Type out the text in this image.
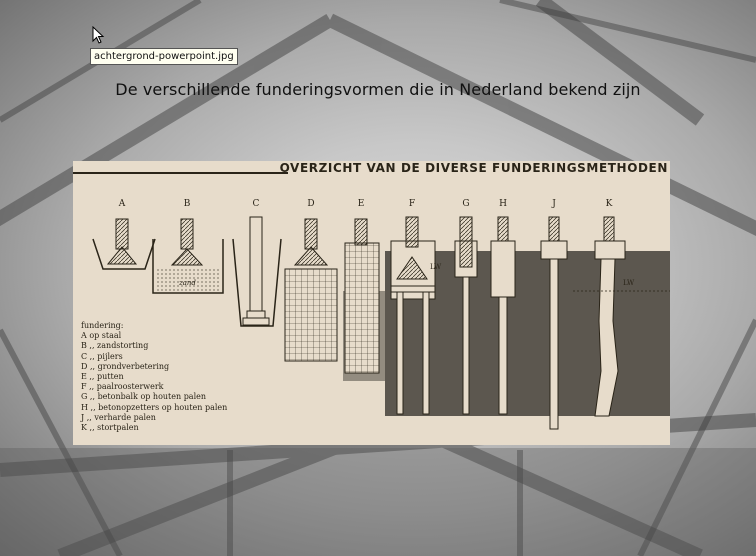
achtergrond-powerpoint.jpg
De verschillende funderingsvormen die in Nederland bekend zijn
OVERZICHT VAN DE DIVERSE FUNDERINGSMETHODEN
A	B	C	D	E	F	G	H	J	K
zand
LW
LW
fundering:
A op staal
B ,, zandstorting
C ,, pijlers
D ,, grondverbetering
E ,, putten
F ,, paalroosterwerk
G ,, betonbalk op houten palen
H ,, betonopzetters op houten palen
J ,, verharde palen
K ,, stortpalen
